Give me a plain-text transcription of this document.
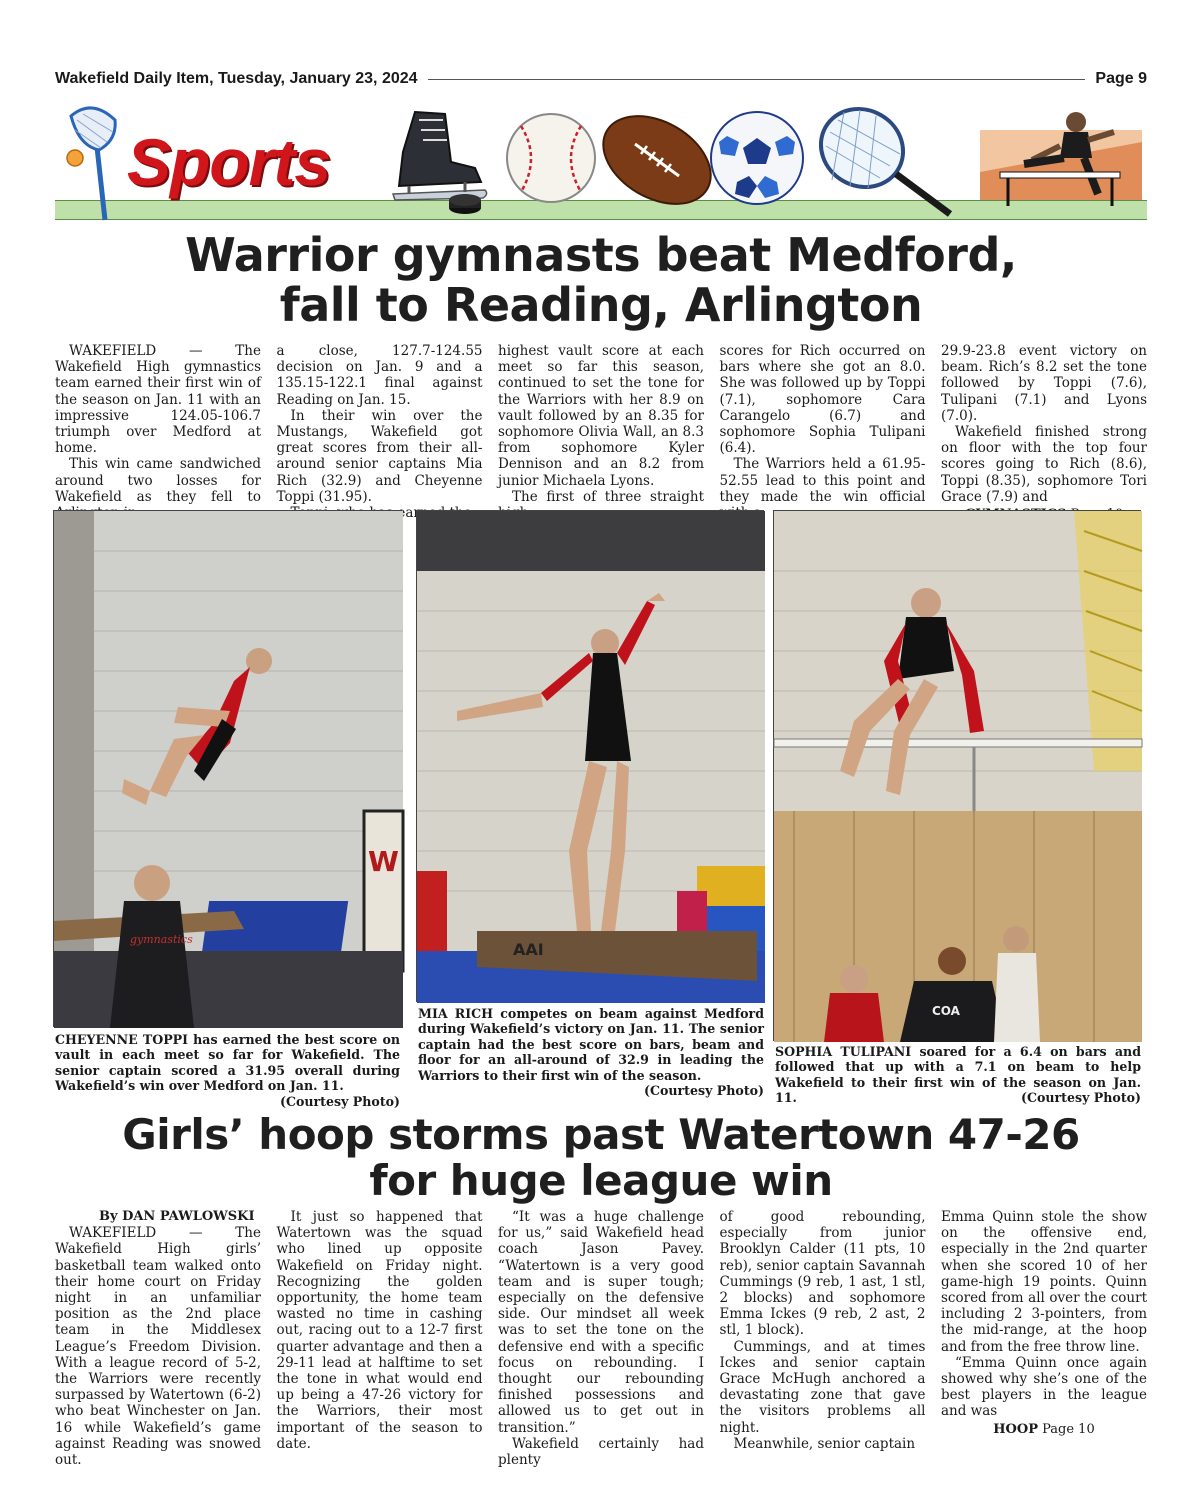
Wakefield Daily Item, Tuesday, January 23, 2024	Page 9
Sports
Warrior gymnasts beat Medford,
fall to Reading, Arlington

WAKEFIELD — The Wakefield High gymnastics team earned their first win of the season on Jan. 11 with an impressive 124.05-106.7 triumph over Medford at home.

This win came sandwiched around two losses for Wakefield as they fell to

a close, 127.7-124.55 decision on Jan. 9 and a 135.15-122.1 final against Reading on Jan. 15.

In their win over the Mustangs, Wakefield got great scores from their all-around senior captains Mia Rich (32.9) and Cheyenne Toppi (31.95).

highest vault score at each meet so far this season, continued to set the tone for the Warriors with her 8.9 on vault followed by an 8.35 for sophomore Olivia Wall, an 8.3 from sophomore Kyler Dennison and an 8.2 from junior Michaela Lyons.

The first of three straight

scores for Rich occurred on bars where she got an 8.0. She was followed up by Toppi (7.1), sophomore Cara Carangelo (6.7) and sophomore Sophia Tulipani (6.4).

The Warriors held a 61.95-52.55 lead to this point and they made the win official

29.9-23.8 event victory on beam. Rich’s 8.2 set the tone followed by Toppi (7.6), Tulipani (7.1) and Lyons (7.0).

Wakefield finished strong on floor with the top four scores going to Rich (8.6), Toppi (8.35), sophomore Tori Grace (7.9) and

W
gymnastics
CHEYENNE TOPPI has earned the best score on vault in each meet so far for Wakefield. The senior captain scored a 31.95 overall during Wakefield’s win over Medford on Jan. 11.
(Courtesy Photo)
AAI
MIA RICH competes on beam against Medford during Wakefield’s victory on Jan. 11. The senior captain had the best score on bars, beam and floor for an all-around of 32.9 in leading the Warriors to their first win of the season.
(Courtesy Photo)
COA
SOPHIA TULIPANI soared for a 6.4 on bars and followed that up with a 7.1 on beam to help Wakefield to their first win of the season on Jan. 11.	(Courtesy Photo)
Girls’ hoop storms past Watertown 47-26
for huge league win

By DAN PAWLOWSKI

WAKEFIELD — The Wakefield High girls’ basketball team walked onto their home court on Friday night in an unfamiliar position as the 2nd place team in the Middlesex League’s Freedom Division. With a league record of 5-2, the Warriors were recently surpassed by Watertown (6-2) who beat Winchester on Jan. 16 while Wakefield’s game against Reading was snowed out.

It just so happened that Watertown was the squad who lined up opposite Wakefield on Friday night. Recognizing the golden opportunity, the home team wasted no time in cashing out, racing out to a 12-7 first quarter advantage and then a 29-11 lead at halftime to set the tone in what would end up being a 47-26 victory for the Warriors, their most important of the season to date.

“It was a huge challenge for us,” said Wakefield head coach Jason Pavey. “Watertown is a very good team and is super tough; especially on the defensive side. Our mindset all week was to set the tone on the defensive end with a specific focus on rebounding. I thought our rebounding finished possessions and allowed us to get out in transition.”

Wakefield certainly had plenty

of good rebounding, especially from junior Brooklyn Calder (11 pts, 10 reb), senior captain Savannah Cummings (9 reb, 1 ast, 1 stl, 2 blocks) and sophomore Emma Ickes (9 reb, 2 ast, 2 stl, 1 block).

Cummings, and at times Ickes and senior captain Grace McHugh anchored a devastating zone that gave the visitors problems all night.

Meanwhile, senior captain

Emma Quinn stole the show on the offensive end, especially in the 2nd quarter when she scored 10 of her game-high 19 points. Quinn scored from all over the court including 2 3-pointers, from the mid-range, at the hoop and from the free throw line.

“Emma Quinn once again showed why she’s one of the best players in the league and was

HOOP Page 10
